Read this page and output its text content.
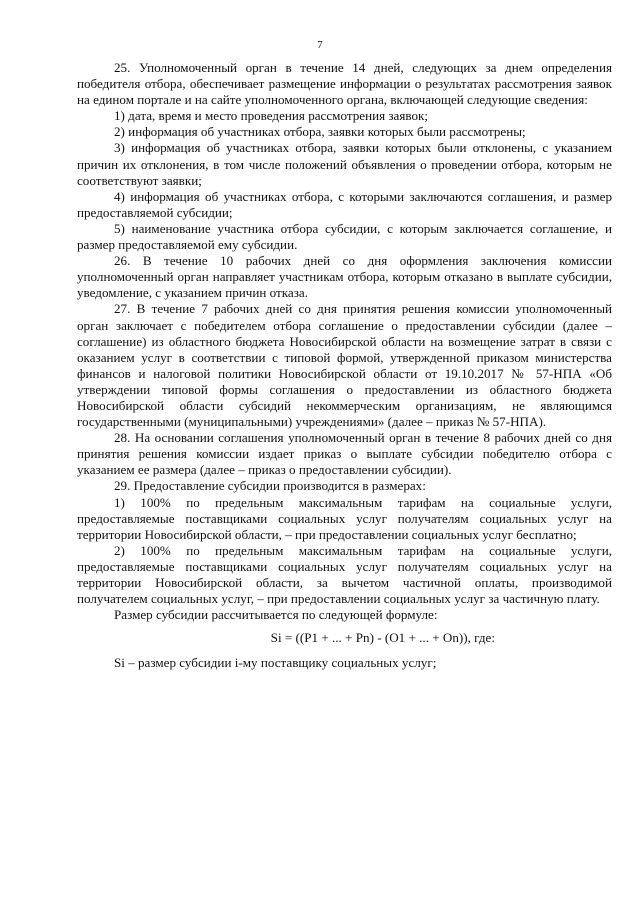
7

25. Уполномоченный орган в течение 14 дней, следующих за днем определения победителя отбора, обеспечивает размещение информации о результатах рассмотрения заявок на едином портале и на сайте уполномоченного органа, включающей следующие сведения:

1) дата, время и место проведения рассмотрения заявок;

2) информация об участниках отбора, заявки которых были рассмотрены;

3) информация об участниках отбора, заявки которых были отклонены, с указанием причин их отклонения, в том числе положений объявления о проведении отбора, которым не соответствуют заявки;

4) информация об участниках отбора, с которыми заключаются соглашения, и размер предоставляемой субсидии;

5) наименование участника отбора субсидии, с которым заключается соглашение, и размер предоставляемой ему субсидии.

26. В течение 10 рабочих дней со дня оформления заключения комиссии уполномоченный орган направляет участникам отбора, которым отказано в выплате субсидии, уведомление, с указанием причин отказа.

27. В течение 7 рабочих дней со дня принятия решения комиссии уполномоченный орган заключает с победителем отбора соглашение о предоставлении субсидии (далее – соглашение) из областного бюджета Новосибирской области на возмещение затрат в связи с оказанием услуг в соответствии с типовой формой, утвержденной приказом министерства финансов и налоговой политики Новосибирской области от 19.10.2017 № 57-НПА «Об утверждении типовой формы соглашения о предоставлении из областного бюджета Новосибирской области субсидий некоммерческим организациям, не являющимся государственными (муниципальными) учреждениями» (далее – приказ № 57-НПА).

28. На основании соглашения уполномоченный орган в течение 8 рабочих дней со дня принятия решения комиссии издает приказ о выплате субсидии победителю отбора с указанием ее размера (далее – приказ о предоставлении субсидии).

29. Предоставление субсидии производится в размерах:

1) 100% по предельным максимальным тарифам на социальные услуги, предоставляемые поставщиками социальных услуг получателям социальных услуг на территории Новосибирской области, – при предоставлении социальных услуг бесплатно;

2) 100% по предельным максимальным тарифам на социальные услуги, предоставляемые поставщиками социальных услуг получателям социальных услуг на территории Новосибирской области, за вычетом частичной оплаты, производимой получателем социальных услуг, – при предоставлении социальных услуг за частичную плату.

Размер субсидии рассчитывается по следующей формуле:

Si = ((P1 + ... + Pn) - (O1 + ... + On)), где:

Si – размер субсидии i-му поставщику социальных услуг;
